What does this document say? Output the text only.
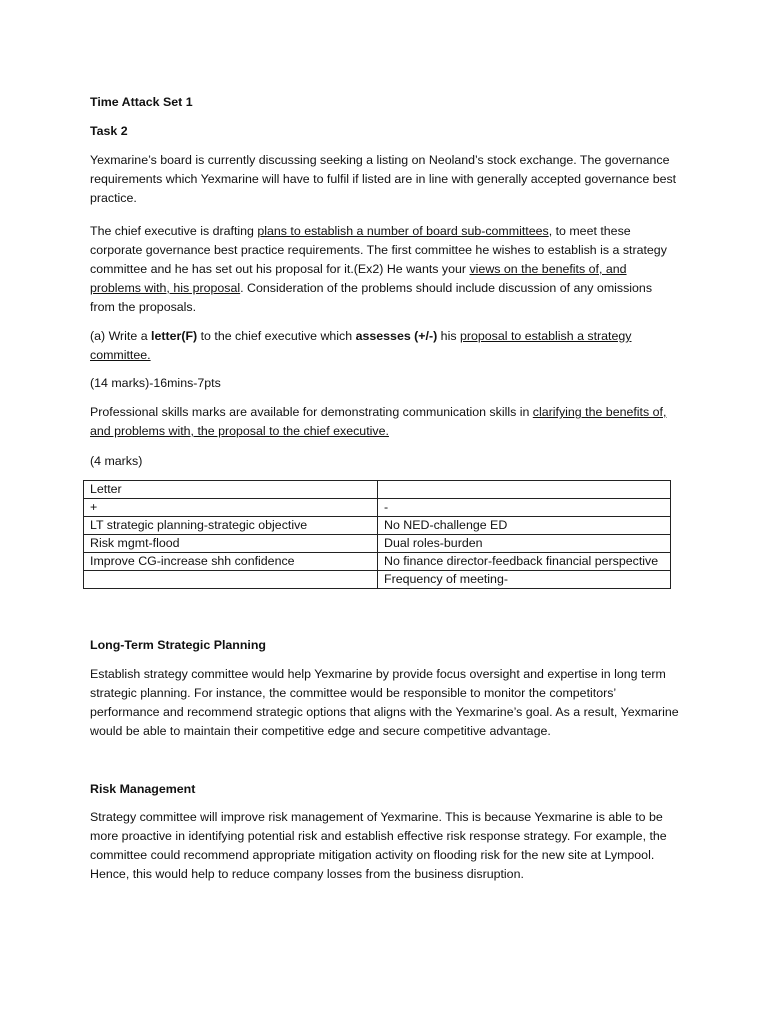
Time Attack Set 1

Task 2

Yexmarine’s board is currently discussing seeking a listing on Neoland’s stock exchange. The governance requirements which Yexmarine will have to fulfil if listed are in line with generally accepted governance best practice.

The chief executive is drafting plans to establish a number of board sub-committees, to meet these corporate governance best practice requirements. The first committee he wishes to establish is a strategy committee and he has set out his proposal for it.(Ex2) He wants your views on the benefits of, and problems with, his proposal. Consideration of the problems should include discussion of any omissions from the proposals.

(a) Write a letter(F) to the chief executive which assesses (+/-) his proposal to establish a strategy committee.

(14 marks)-16mins-7pts

Professional skills marks are available for demonstrating communication skills in clarifying the benefits of, and problems with, the proposal to the chief executive.

(4 marks)

Letter	
+	-
LT strategic planning-strategic objective	No NED-challenge ED
Risk mgmt-flood	Dual roles-burden
Improve CG-increase shh confidence	No finance director-feedback financial perspective
	Frequency of meeting-

Long-Term Strategic Planning

Establish strategy committee would help Yexmarine by provide focus oversight and expertise in long term strategic planning. For instance, the committee would be responsible to monitor the competitors’ performance and recommend strategic options that aligns with the Yexmarine’s goal. As a result, Yexmarine would be able to maintain their competitive edge and secure competitive advantage.

Risk Management

Strategy committee will improve risk management of Yexmarine. This is because Yexmarine is able to be more proactive in identifying potential risk and establish effective risk response strategy. For example, the committee could recommend appropriate mitigation activity on flooding risk for the new site at Lympool. Hence, this would help to reduce company losses from the business disruption.
